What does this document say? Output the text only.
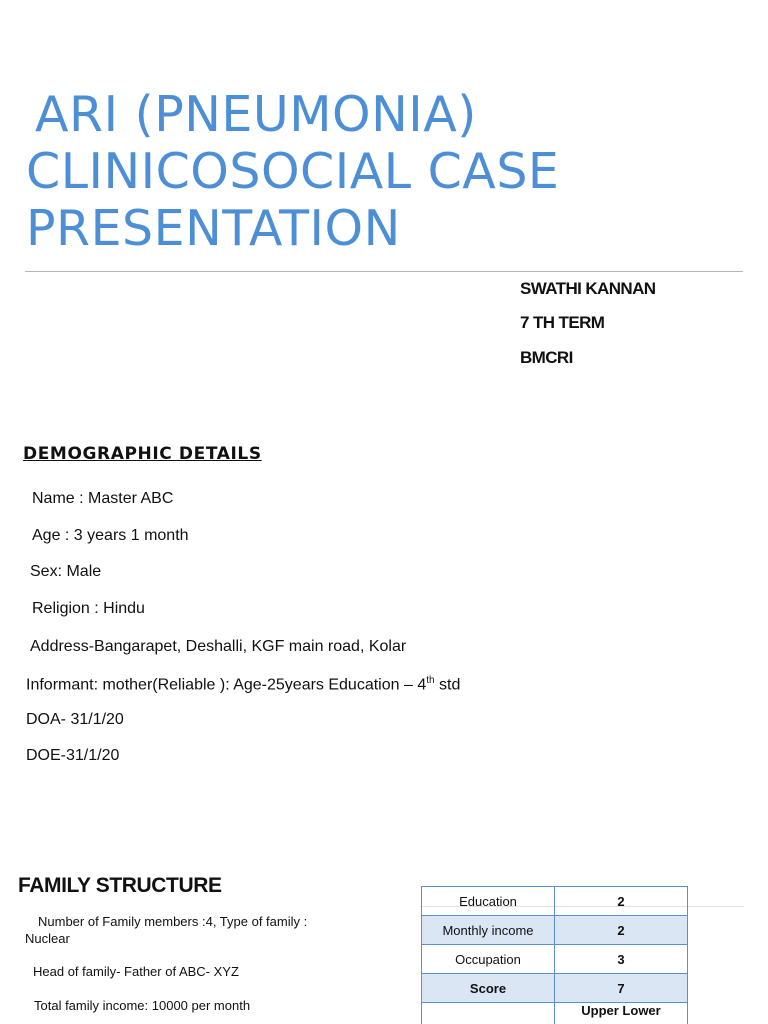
ARI (PNEUMONIA)
CLINICOSOCIAL CASE
PRESENTATION
SWATHI KANNAN
7 TH TERM
BMCRI
DEMOGRAPHIC DETAILS
Name : Master ABC
Age : 3 years 1 month
Sex: Male
Religion : Hindu
Address-Bangarapet, Deshalli, KGF main road, Kolar
Informant: mother(Reliable ): Age-25years Education – 4th std
DOA- 31/1/20
DOE-31/1/20
FAMILY STRUCTURE
Number of Family members :4, Type of family :
Nuclear
Head of family- Father of ABC- XYZ
Total family income: 10000 per month
Education	2
Monthly income	2
Occupation	3
Score	7
	Upper Lower
